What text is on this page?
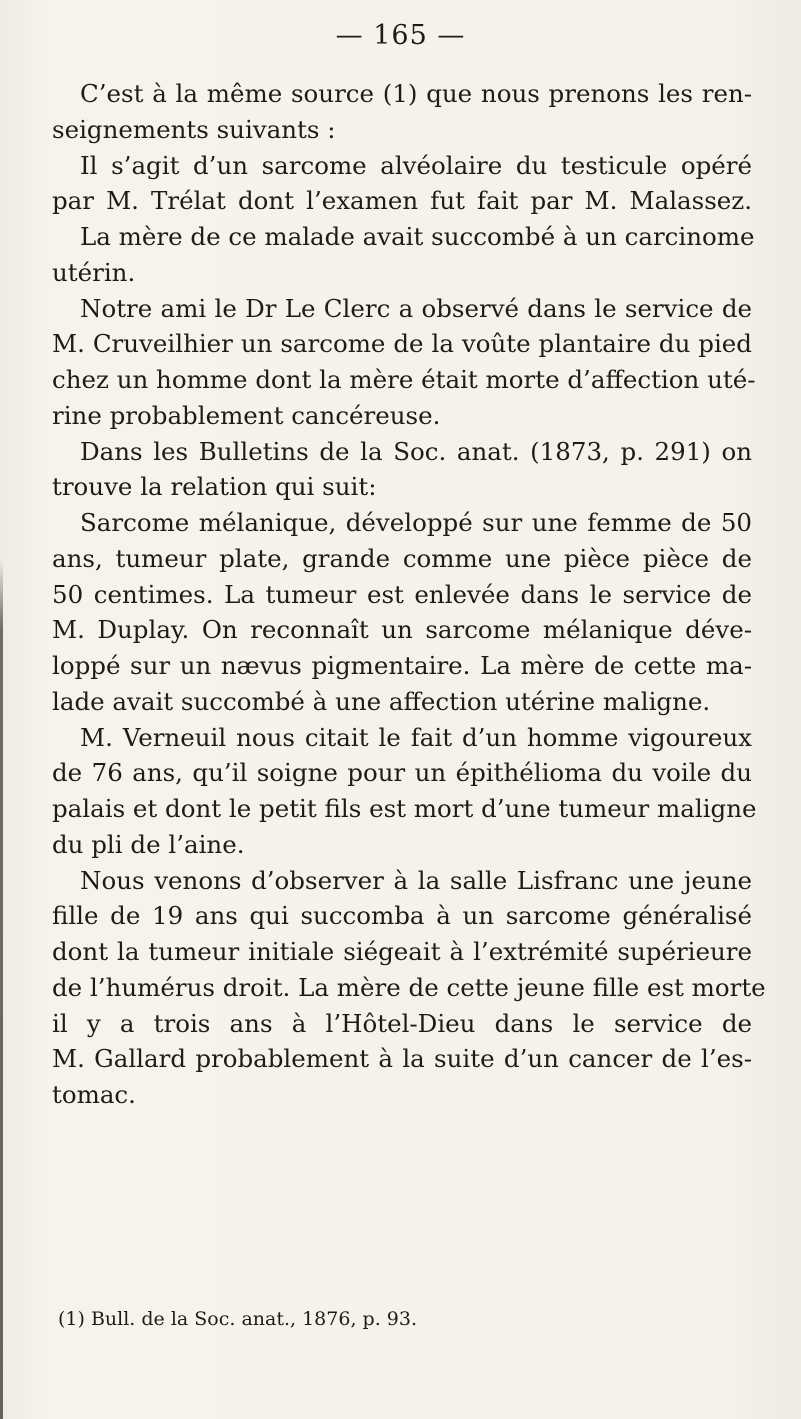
— 165 —
C’est à la même source (1) que nous prenons les ren-
seignements suivants :
Il s’agit d’un sarcome alvéolaire du testicule opéré
par M. Trélat dont l’examen fut fait par M. Malassez.
La mère de ce malade avait succombé à un carcinome
utérin.
Notre ami le Dr Le Clerc a observé dans le service de
M. Cruveilhier un sarcome de la voûte plantaire du pied
chez un homme dont la mère était morte d’affection uté-
rine probablement cancéreuse.
Dans les Bulletins de la Soc. anat. (1873, p. 291) on
trouve la relation qui suit:
Sarcome mélanique, développé sur une femme de 50
ans, tumeur plate, grande comme une pièce pièce de
50 centimes. La tumeur est enlevée dans le service de
M. Duplay. On reconnaît un sarcome mélanique déve-
loppé sur un nævus pigmentaire. La mère de cette ma-
lade avait succombé à une affection utérine maligne.
M. Verneuil nous citait le fait d’un homme vigoureux
de 76 ans, qu’il soigne pour un épithélioma du voile du
palais et dont le petit fils est mort d’une tumeur maligne
du pli de l’aine.
Nous venons d’observer à la salle Lisfranc une jeune
fille de 19 ans qui succomba à un sarcome généralisé
dont la tumeur initiale siégeait à l’extrémité supérieure
de l’humérus droit. La mère de cette jeune fille est morte
il y a trois ans à l’Hôtel-Dieu dans le service de
M. Gallard probablement à la suite d’un cancer de l’es-
tomac.
(1) Bull. de la Soc. anat., 1876, p. 93.
